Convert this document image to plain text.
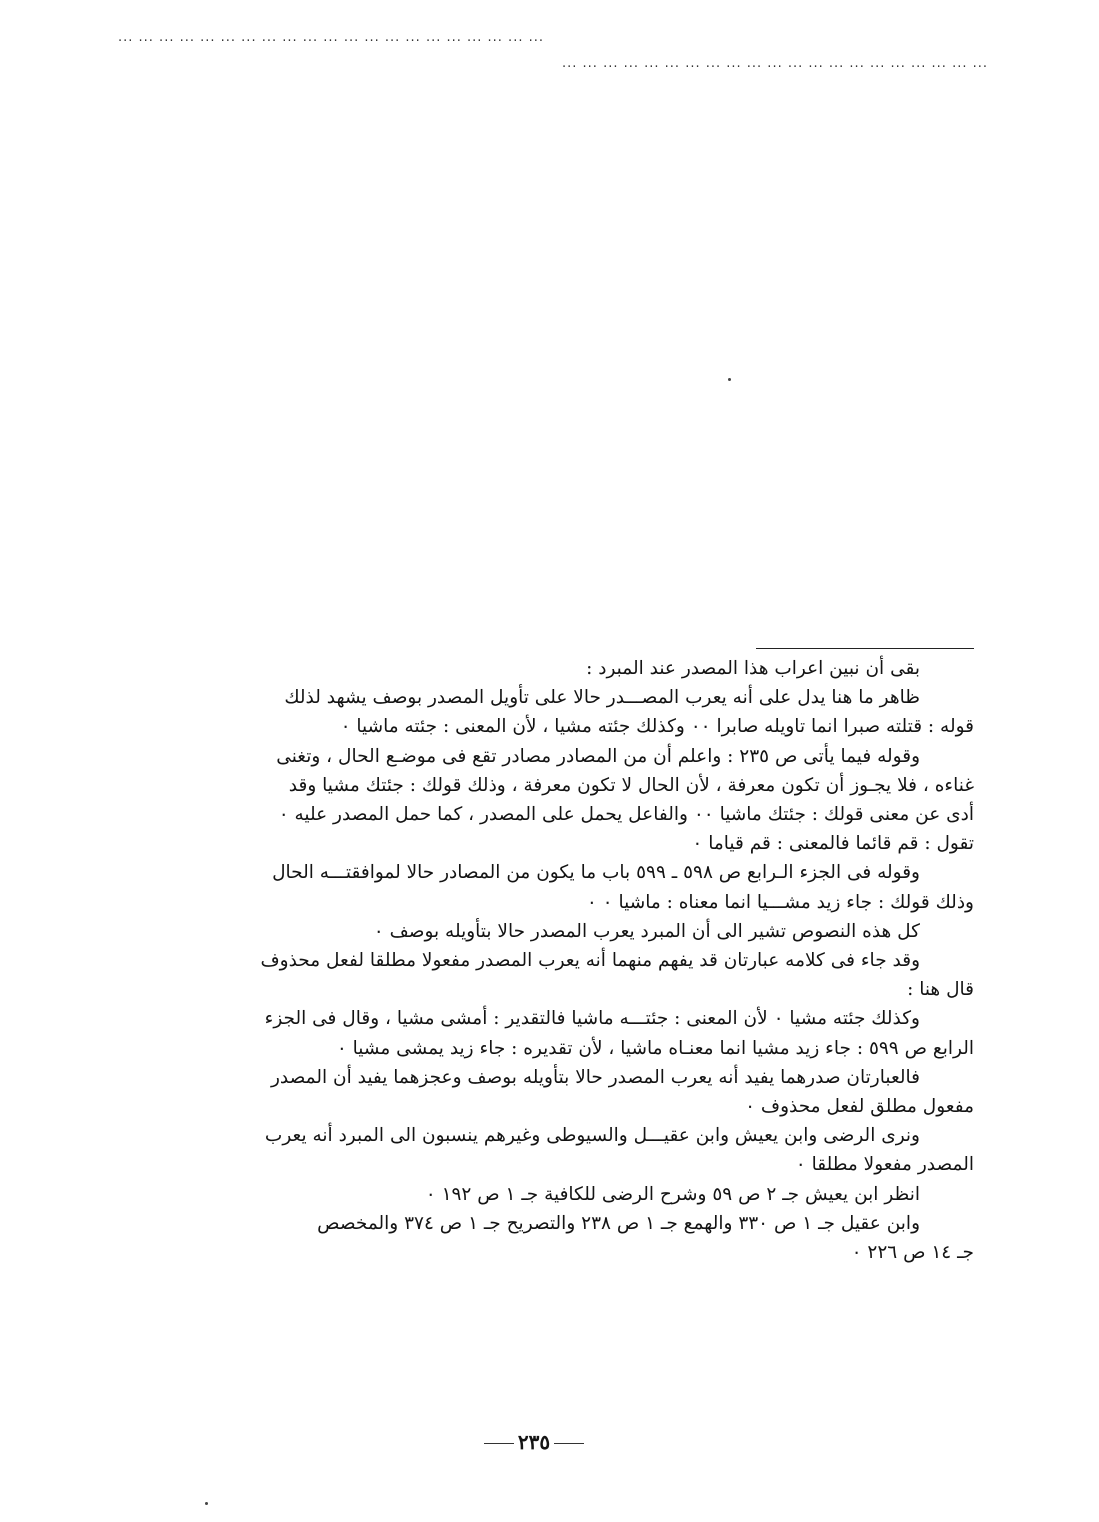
... ... ... ... ... ... ... ... ... ... ... ... ... ... ... ... ... ... ... ... ...
... ... ... ... ... ... ... ... ... ... ... ... ... ... ... ... ... ... ... ... ...

بقى أن نبين اعراب هذا المصدر عند المبرد :

ظاهر ما هنا يدل على أنه يعرب المصـــدر حالا على تأويل المصدر بوصف يشهد لذلك

قوله : قتلته صبرا انما تاويله صابرا ٠٠ وكذلك جئته مشيا ، لأن المعنى : جئته ماشيا ٠

وقوله فيما يأتى ص ٢٣٥ : واعلم أن من المصادر مصادر تقع فى موضـع الحال ، وتغنى

غناءه ، فلا يجـوز أن تكون معرفة ، لأن الحال لا تكون معرفة ، وذلك قولك : جئتك مشيا وقد

أدى عن معنى قولك : جئتك ماشيا ٠٠ والفاعل يحمل على المصدر ، كما حمل المصدر عليه ٠

تقول : قم قائما فالمعنى : قم قياما ٠

وقوله فى الجزء الـرابع ص ٥٩٨ ـ ٥٩٩ باب ما يكون من المصادر حالا لموافقتـــه الحال

وذلك قولك : جاء زيد مشـــيا انما معناه : ماشيا ٠ ٠

كل هذه النصوص تشير الى أن المبرد يعرب المصدر حالا بتأويله بوصف ٠

وقد جاء فى كلامه عبارتان قد يفهم منهما أنه يعرب المصدر مفعولا مطلقا لفعل محذوف

قال هنا :

وكذلك جئته مشيا ٠ لأن المعنى : جئتـــه ماشيا فالتقدير : أمشى مشيا ، وقال فى الجزء

الرابع ص ٥٩٩ : جاء زيد مشيا انما معنـاه ماشيا ، لأن تقديره : جاء زيد يمشى مشيا ٠

فالعبارتان صدرهما يفيد أنه يعرب المصدر حالا بتأويله بوصف وعجزهما يفيد أن المصدر

مفعول مطلق لفعل محذوف ٠

ونرى الرضى وابن يعيش وابن عقيـــل والسيوطى وغيرهم ينسبون الى المبرد أنه يعرب

المصدر مفعولا مطلقا ٠

انظر ابن يعيش جـ ٢ ص ٥٩ وشرح الرضى للكافية جـ ١ ص ١٩٢ ٠

وابن عقيل جـ ١ ص ٣٣٠ والهمع جـ ١ ص ٢٣٨ والتصريح جـ ١ ص ٣٧٤ والمخصص

جـ ١٤ ص ٢٢٦ ٠

٢٣٥
